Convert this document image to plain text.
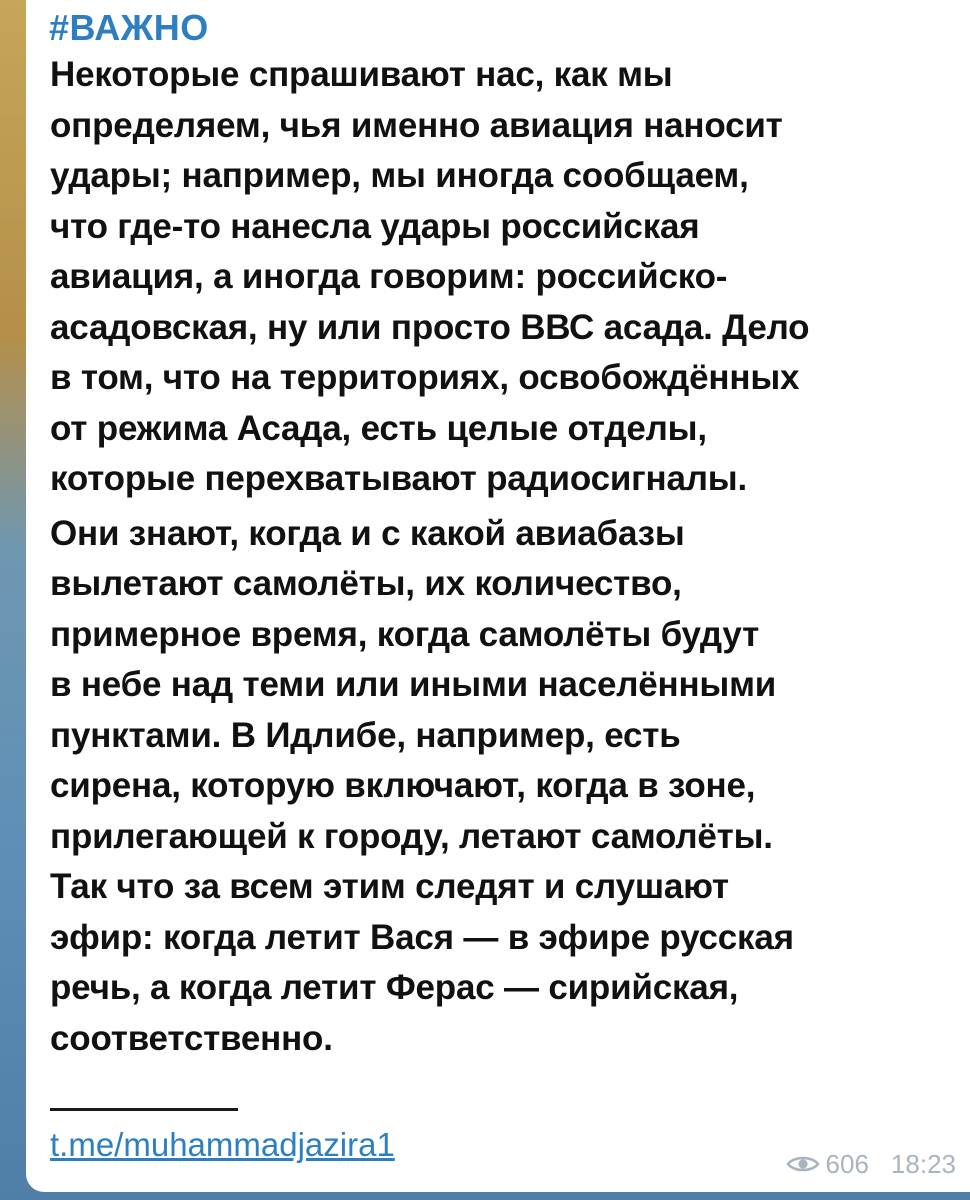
#ВАЖНО

Некоторые спрашивают нас, как мы

определяем, чья именно авиация наносит

удары; например, мы иногда сообщаем,

что где-то нанесла удары российская

авиация, а иногда говорим: российско-

асадовская, ну или просто ВВС асада. Дело

в том, что на территориях, освобождённых

от режима Асада, есть целые отделы,

которые перехватывают радиосигналы.

Они знают, когда и с какой авиабазы

вылетают самолёты, их количество,

примерное время, когда самолёты будут

в небе над теми или иными населёнными

пунктами. В Идлибе, например, есть

сирена, которую включают, когда в зоне,

прилегающей к городу, летают самолёты.

Так что за всем этим следят и слушают

эфир: когда летит Вася — в эфире русская

речь, а когда летит Ферас — сирийская,

соответственно.

t.me/muhammadjazira1
606 18:23
